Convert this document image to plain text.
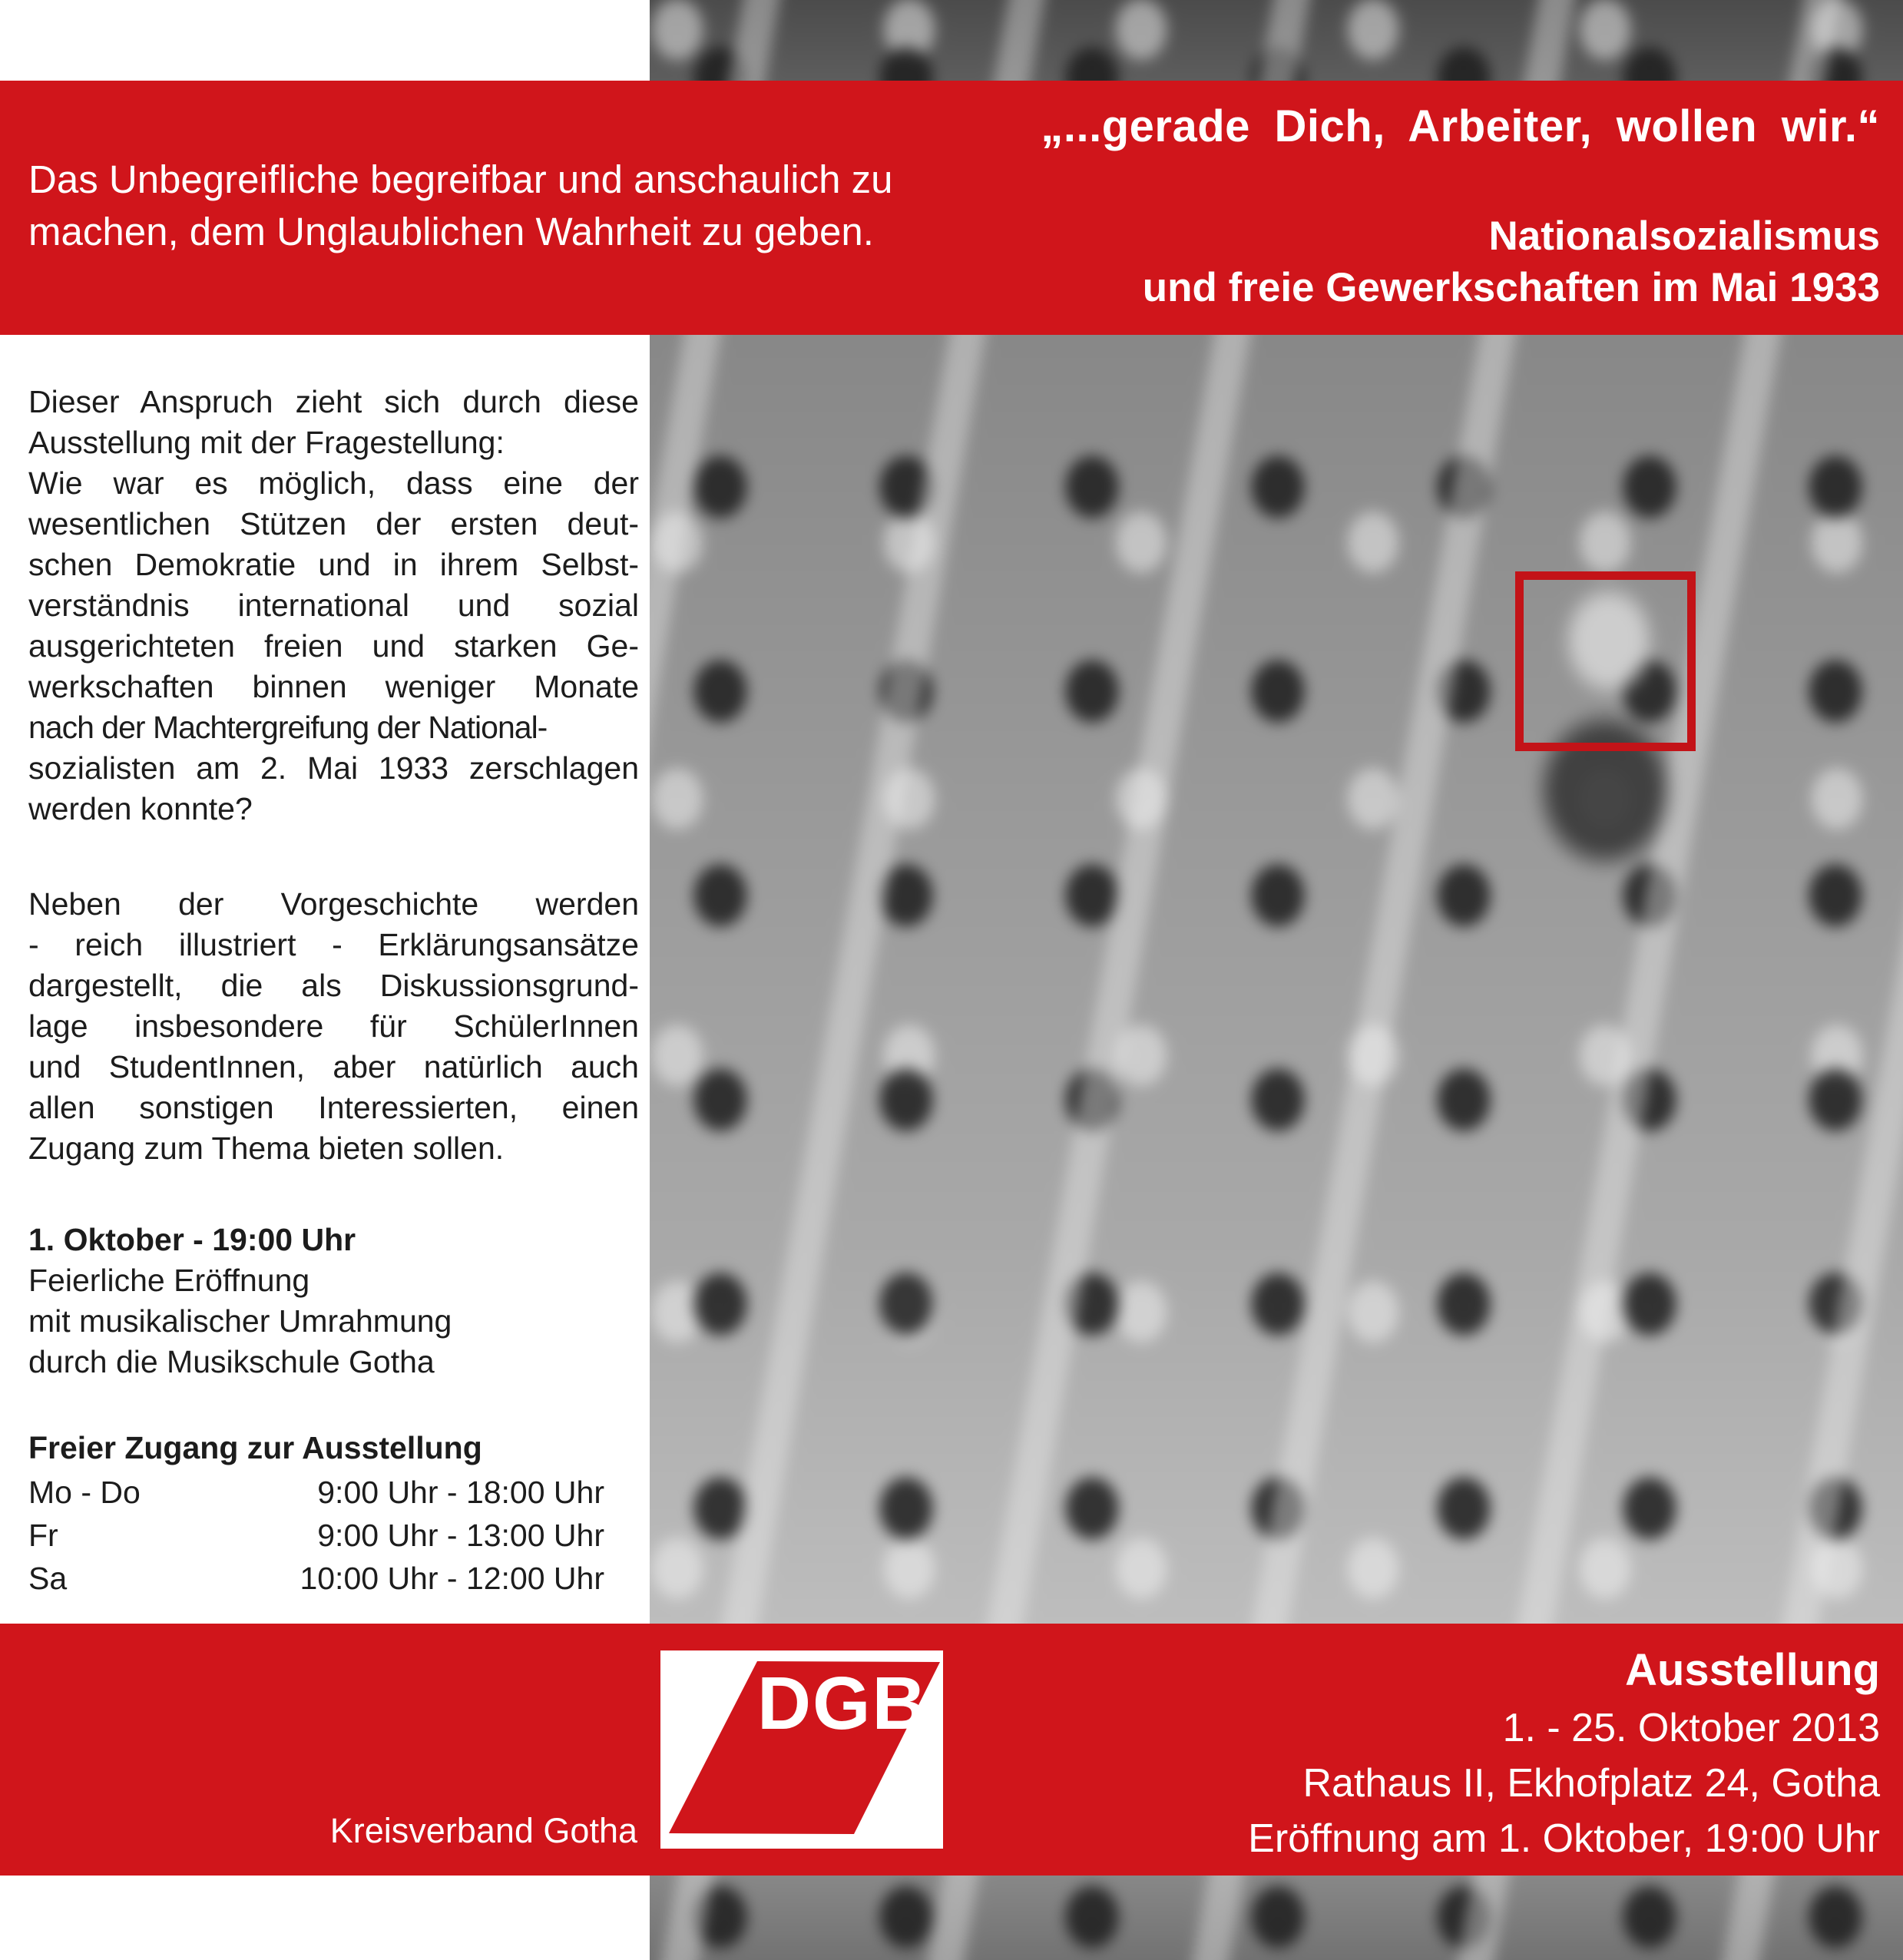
Das Unbegreifliche begreifbar und anschaulich zu
machen, dem Unglaublichen Wahrheit zu geben.
„...gerade Dich, Arbeiter, wollen wir.“
Nationalsozialismus
und freie Gewerkschaften im Mai 1933
Dieser Anspruch zieht sich durch diese
Ausstellung mit der Fragestellung:
Wie war es möglich, dass eine der
wesentlichen Stützen der ersten deut-
schen Demokratie und in ihrem Selbst-
verständnis international und sozial
ausgerichteten freien und starken Ge-
werkschaften binnen weniger Monate
nach der Machtergreifung der National-
sozialisten am 2. Mai 1933 zerschlagen
werden konnte?
Neben der Vorgeschichte werden
- reich illustriert - Erklärungsansätze
dargestellt, die als Diskussionsgrund-
lage insbesondere für SchülerInnen
und StudentInnen, aber natürlich auch
allen sonstigen Interessierten, einen
Zugang zum Thema bieten sollen.
1. Oktober - 19:00 Uhr
Feierliche Eröffnung
mit musikalischer Umrahmung
durch die Musikschule Gotha
Freier Zugang zur Ausstellung
Mo - Do	9:00 Uhr - 18:00 Uhr
Fr	9:00 Uhr - 13:00 Uhr
Sa	10:00 Uhr - 12:00 Uhr
Kreisverband Gotha
DGB	Ausstellung
1. - 25. Oktober 2013
Rathaus II, Ekhofplatz 24, Gotha
Eröffnung am 1. Oktober, 19:00 Uhr
